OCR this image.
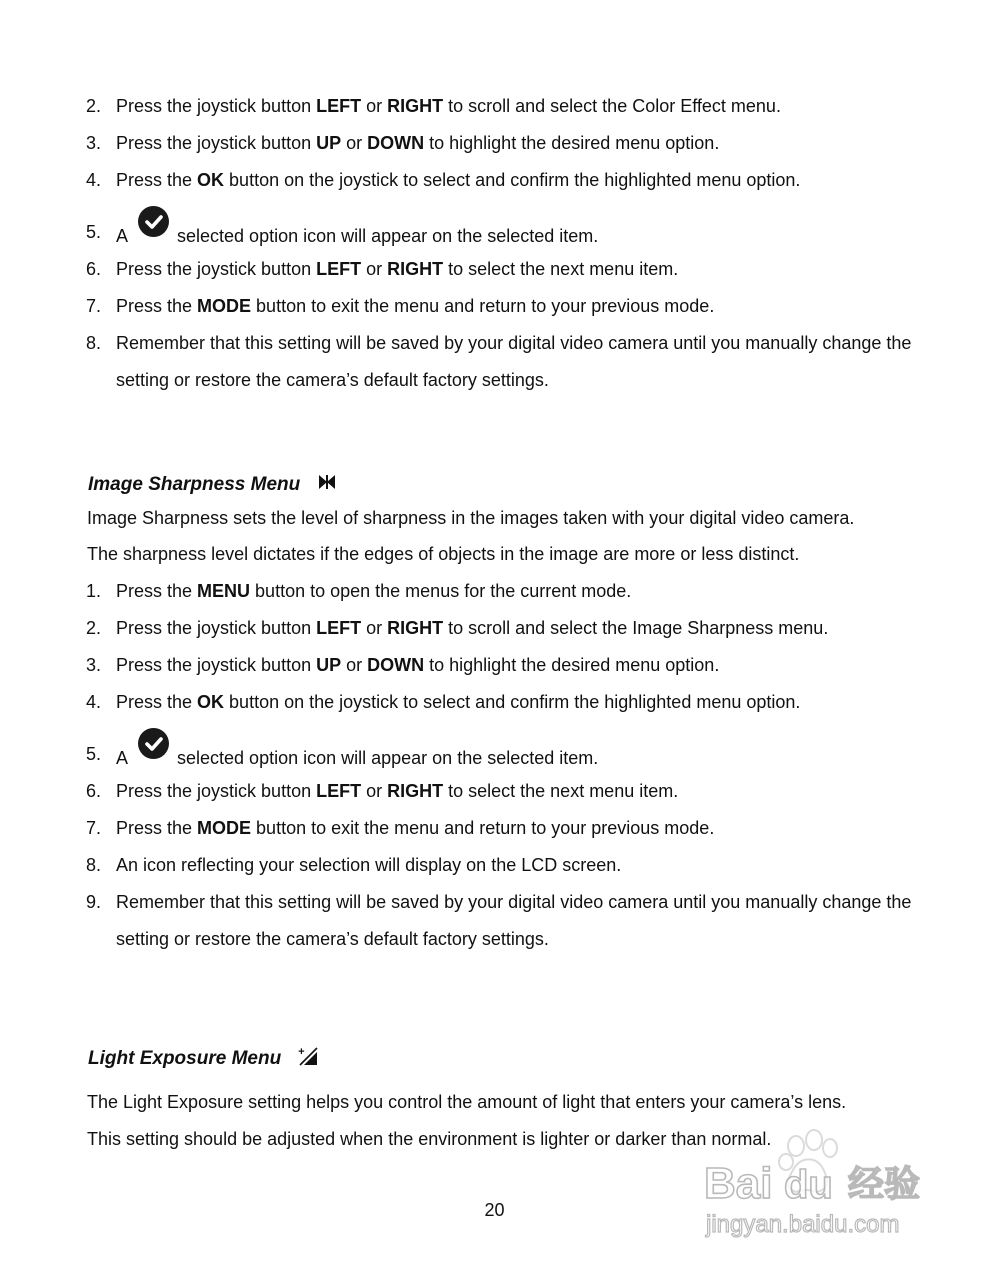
2. Press the joystick button LEFT or RIGHT to scroll and select the Color Effect menu.
3. Press the joystick button UP or DOWN to highlight the desired menu option.
4. Press the OK button on the joystick to select and confirm the highlighted menu option.
5. A	selected option icon will appear on the selected item.
6. Press the joystick button LEFT or RIGHT to select the next menu item.
7. Press the MODE button to exit the menu and return to your previous mode.
8. Remember that this setting will be saved by your digital video camera until you manually change the setting or restore the camera’s default factory settings.
Image Sharpness Menu
Image Sharpness sets the level of sharpness in the images taken with your digital video camera.
The sharpness level dictates if the edges of objects in the image are more or less distinct.
1. Press the MENU button to open the menus for the current mode.
2. Press the joystick button LEFT or RIGHT to scroll and select the Image Sharpness menu.
3. Press the joystick button UP or DOWN to highlight the desired menu option.
4. Press the OK button on the joystick to select and confirm the highlighted menu option.
5. A	selected option icon will appear on the selected item.
6. Press the joystick button LEFT or RIGHT to select the next menu item.
7. Press the MODE button to exit the menu and return to your previous mode.
8. An icon reflecting your selection will display on the LCD screen.
9. Remember that this setting will be saved by your digital video camera until you manually change the setting or restore the camera’s default factory settings.
Light Exposure Menu +
The Light Exposure setting helps you control the amount of light that enters your camera’s lens.
This setting should be adjusted when the environment is lighter or darker than normal.
20
Bai du 经验
jingyan.baidu.com
